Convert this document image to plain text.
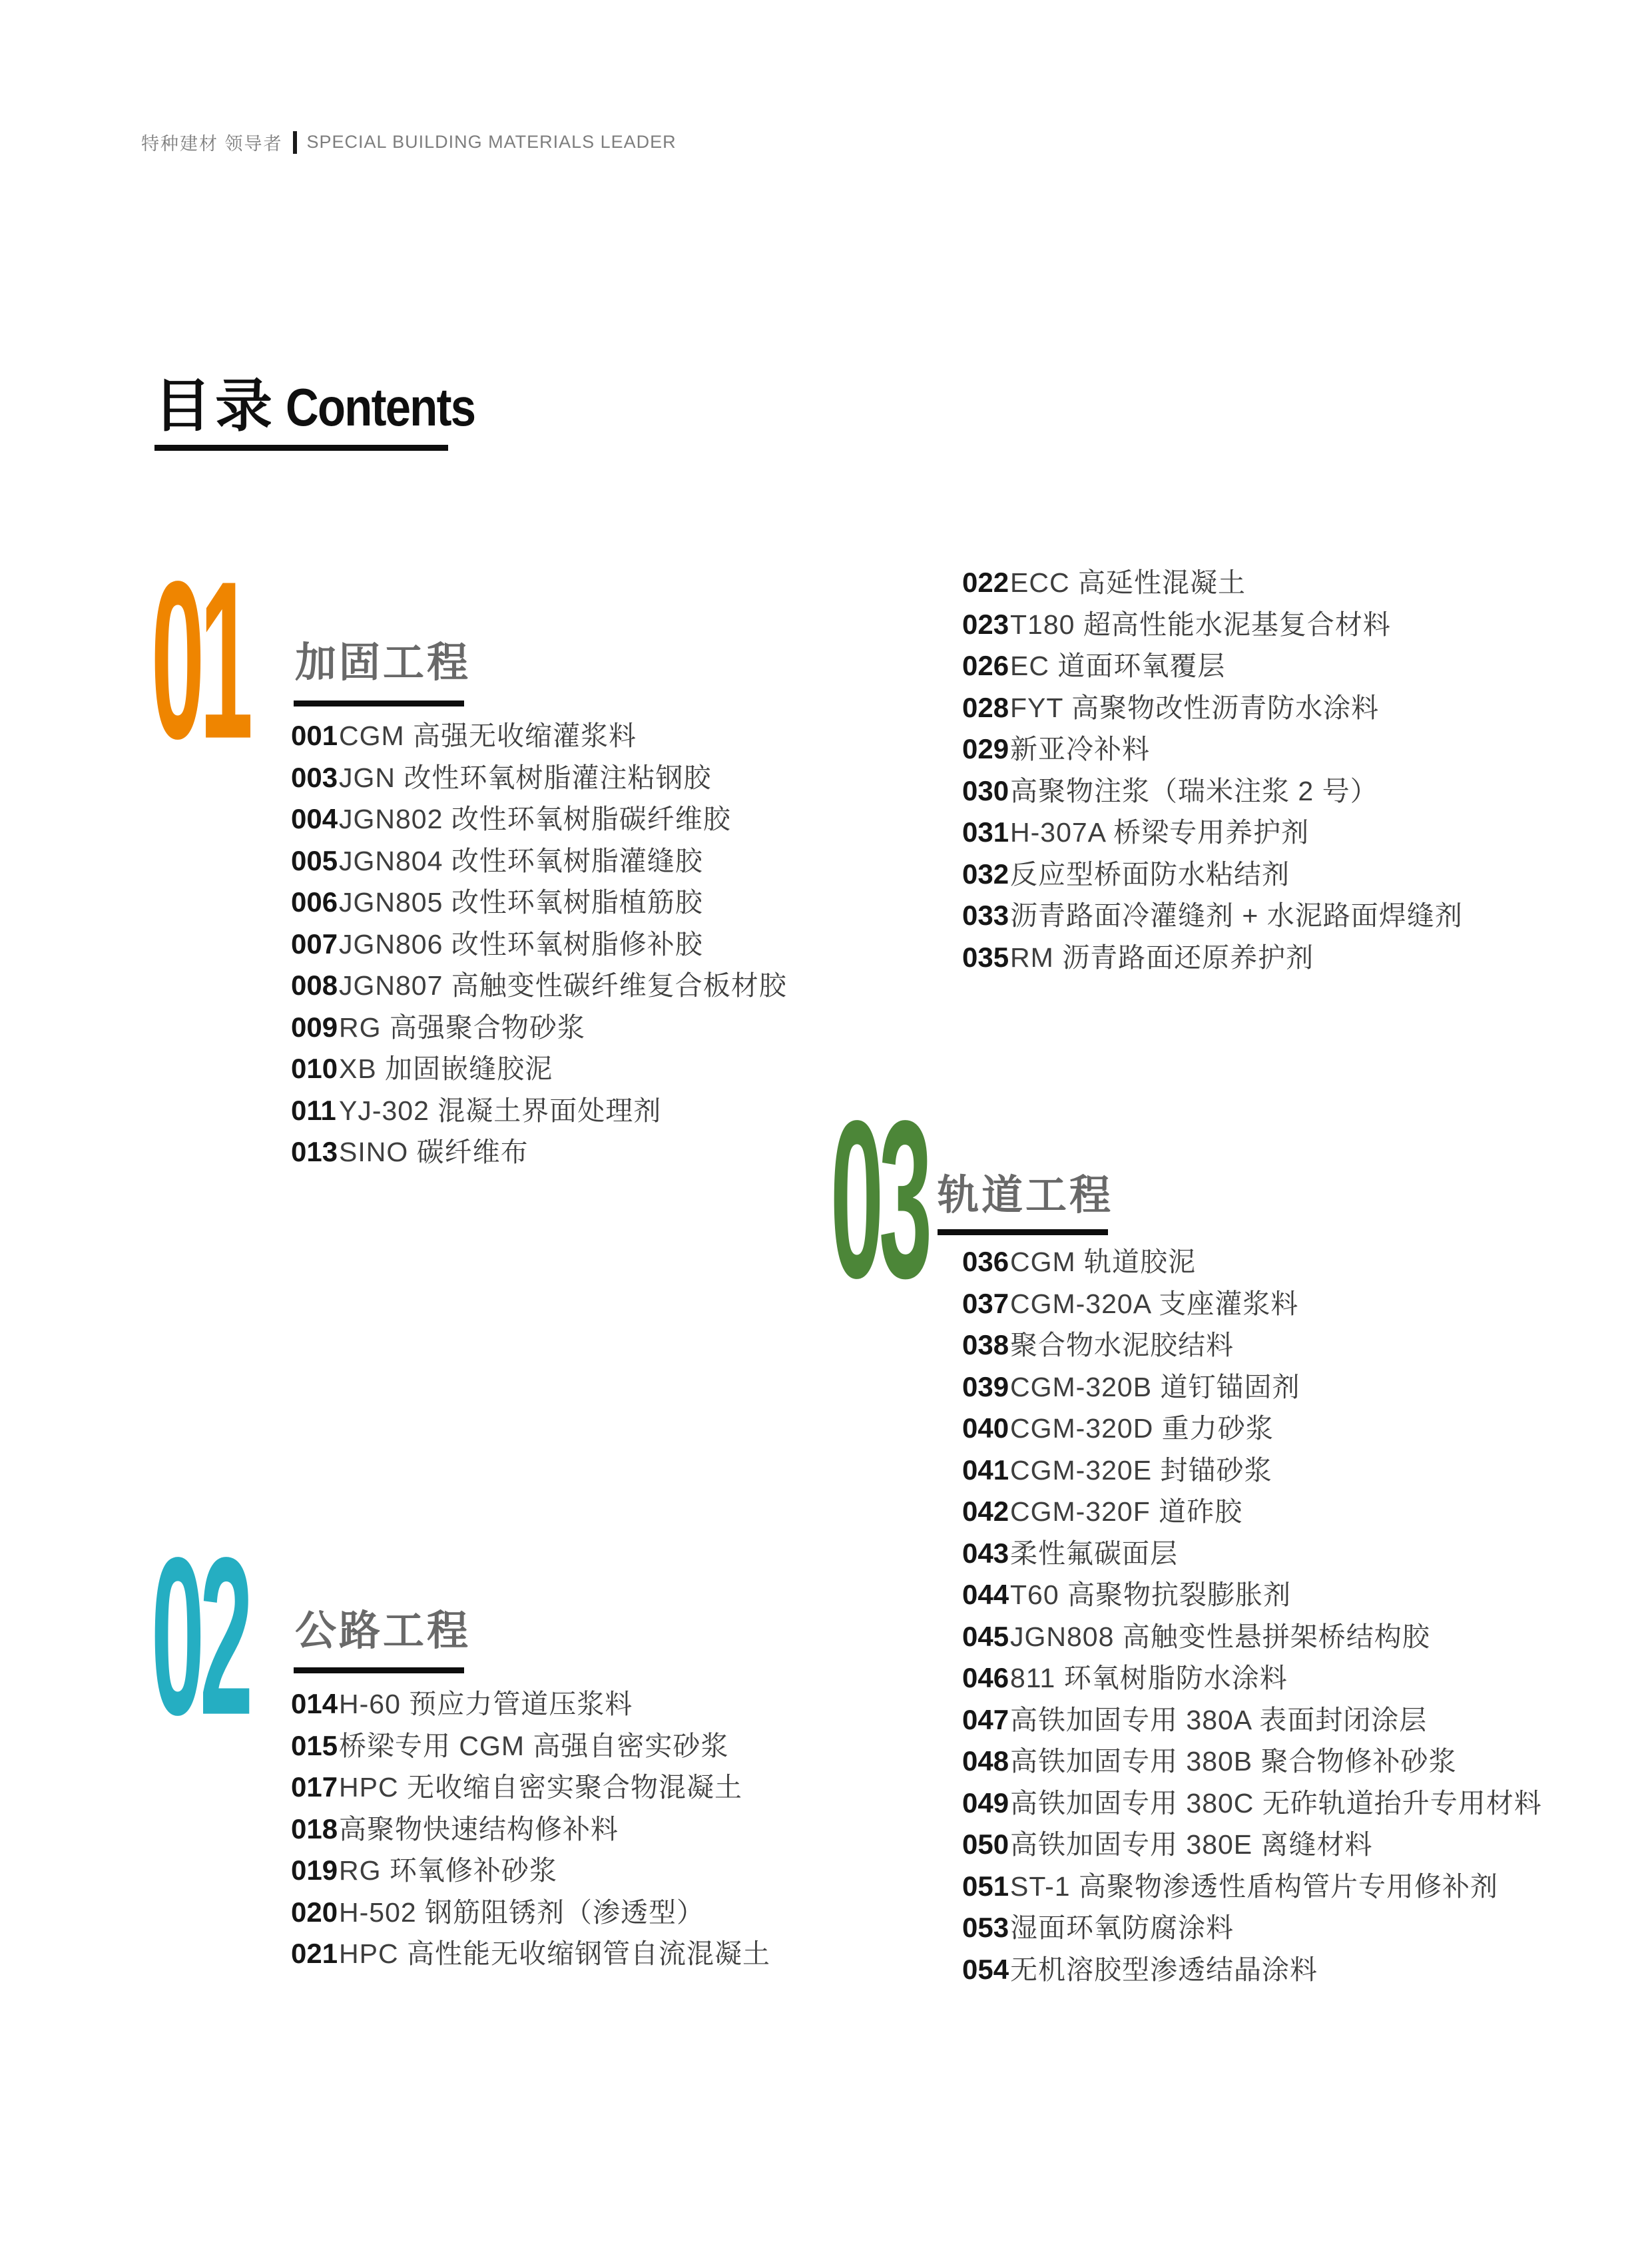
特种建材 领导者 SPECIAL BUILDING MATERIALS LEADER
目录 Contents
01 加固工程
001 CGM 高强无收缩灌浆料
003 JGN 改性环氧树脂灌注粘钢胶
004 JGN802 改性环氧树脂碳纤维胶
005 JGN804 改性环氧树脂灌缝胶
006 JGN805 改性环氧树脂植筋胶
007 JGN806 改性环氧树脂修补胶
008 JGN807 高触变性碳纤维复合板材胶
009 RG 高强聚合物砂浆
010 XB 加固嵌缝胶泥
011 YJ-302 混凝土界面处理剂
013 SINO 碳纤维布
02 公路工程
014 H-60 预应力管道压浆料
015 桥梁专用 CGM 高强自密实砂浆
017 HPC 无收缩自密实聚合物混凝土
018 高聚物快速结构修补料
019 RG 环氧修补砂浆
020 H-502 钢筋阻锈剂（渗透型）
021 HPC 高性能无收缩钢管自流混凝土
022 ECC 高延性混凝土
023 T180 超高性能水泥基复合材料
026 EC 道面环氧覆层
028 FYT 高聚物改性沥青防水涂料
029 新亚冷补料
030 高聚物注浆（瑞米注浆 2 号）
031 H-307A 桥梁专用养护剂
032 反应型桥面防水粘结剂
033 沥青路面冷灌缝剂 + 水泥路面焊缝剂
035 RM 沥青路面还原养护剂
03 轨道工程
036 CGM 轨道胶泥
037 CGM-320A 支座灌浆料
038 聚合物水泥胶结料
039 CGM-320B 道钉锚固剂
040 CGM-320D 重力砂浆
041 CGM-320E 封锚砂浆
042 CGM-320F 道砟胶
043 柔性氟碳面层
044 T60 高聚物抗裂膨胀剂
045 JGN808 高触变性悬拼架桥结构胶
046 811 环氧树脂防水涂料
047 高铁加固专用 380A 表面封闭涂层
048 高铁加固专用 380B 聚合物修补砂浆
049 高铁加固专用 380C 无砟轨道抬升专用材料
050 高铁加固专用 380E 离缝材料
051 ST-1 高聚物渗透性盾构管片专用修补剂
053 湿面环氧防腐涂料
054 无机溶胶型渗透结晶涂料
